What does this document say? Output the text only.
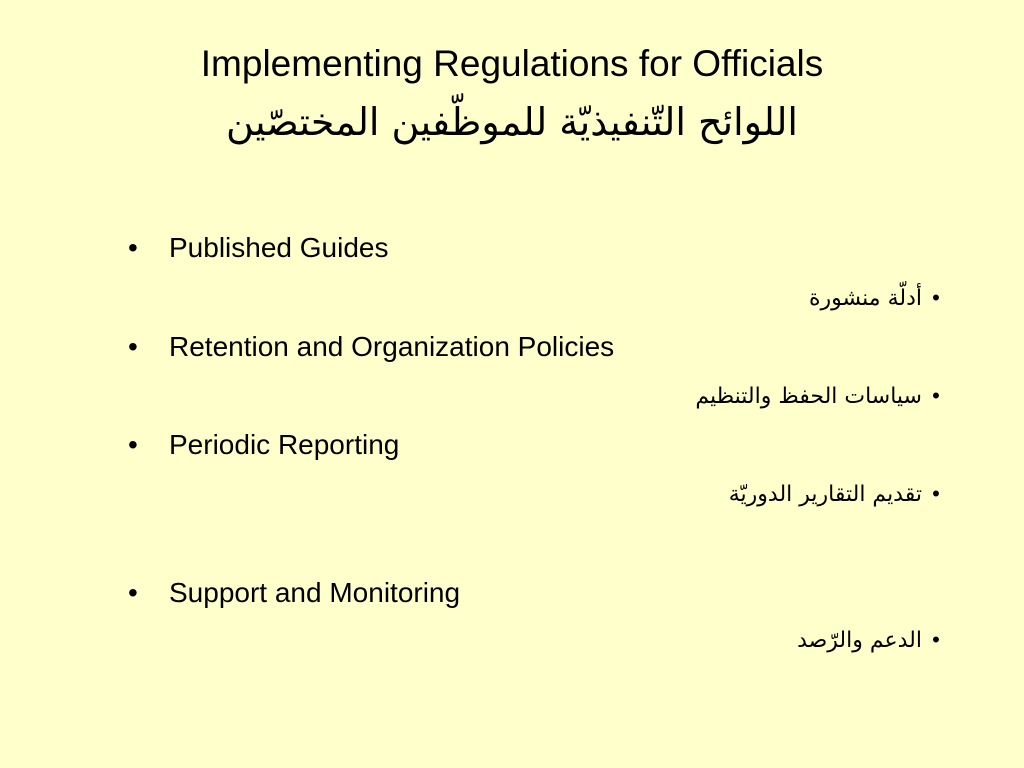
Implementing Regulations for Officials
اللوائح التّنفيذيّة للموظّفين المختصّين
• Published Guides
•أدلّة منشورة
• Retention and Organization Policies
•سياسات الحفظ والتنظيم
• Periodic Reporting
•تقديم التقارير الدوريّة
• Support and Monitoring
•الدعم والرّصد
